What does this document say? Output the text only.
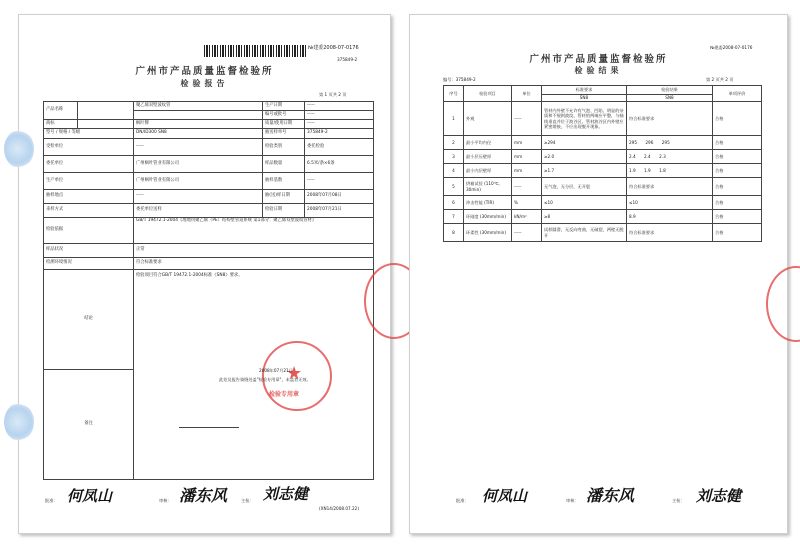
№建委2008-07-0176
375849-2
广州市产品质量监督检验所
检验报告
第 1 页共 2 页
产品名称		聚乙烯双壁波纹管	生产日期	-----
			编号或批号	-----
商标		枫叶牌	质量/使用日期	-----
型号 / 规格 / 等级		DN/ID300 SN8	抽送样单号	375849-2
受检单位		-----	检验类别	委托检验
委托单位		广州枫叶管业有限公司	样品数量	6.5米/条×6条
生产单位		广州枫叶管业有限公司	抽样基数	-----
抽样地点		-----	抽(送)样日期	2008年07月08日
来样方式		委托单位送样	检验日期	2008年07月21日
检验依据		GB/T 19472.1-2004《埋地用聚乙烯（PE）结构壁管道系统 第1部分：聚乙烯双壁波纹管材》		
样品状况		正常		
检测环境情况		符合标准要求		
结论		检验项目符合GB/T 19472.1-2004标准《SN8》要求。		
备注				
★
检验专用章
2008年07月21日
此处及报告骑缝处盖"检验专用章"，未盖者无效。
批准： 何凤山	审核： 潘东风	主检： 刘志健
(XN14/2008.07.22)
№建委2008-07-0176
广州市产品质量监督检验所
检验结果
编号：375849-2	第 2 页共 2 页
序号	检验项目	单位	标准要求	检验结果	单项评价
			SN8	SN8	
1	外观	-----	管材内外壁不允许有气泡、凹陷、明显的杂质和不规则波纹。管材的两端应平整，与轴线垂直并位于波谷区。管材波谷区内外壁应紧密熔接，不应出现脱开现象。	符合标准要求	合格
2	最小平均内径	mm	≥294	295　　296　　295	合格
3	最小层压壁厚	mm	≥2.0	2.4　　2.4　　2.3	合格
4	最小内层壁厚	mm	≥1.7	1.9　　1.9　　1.8	合格
5	烘箱试验 (110℃, 30min)	-----	无气泡，无分层，无开裂	符合标准要求	合格
6	冲击性能 (TIR)	%	≤10	≤10	合格
7	环刚度 (30mm/min)	kN/m²	≥8	8.9	合格
8	环柔性 (30mm/min)	-----	试样圆滑，无反向弯曲，无破裂，两壁无脱开	符合标准要求	合格
批准： 何凤山	审核： 潘东风	主检： 刘志健
